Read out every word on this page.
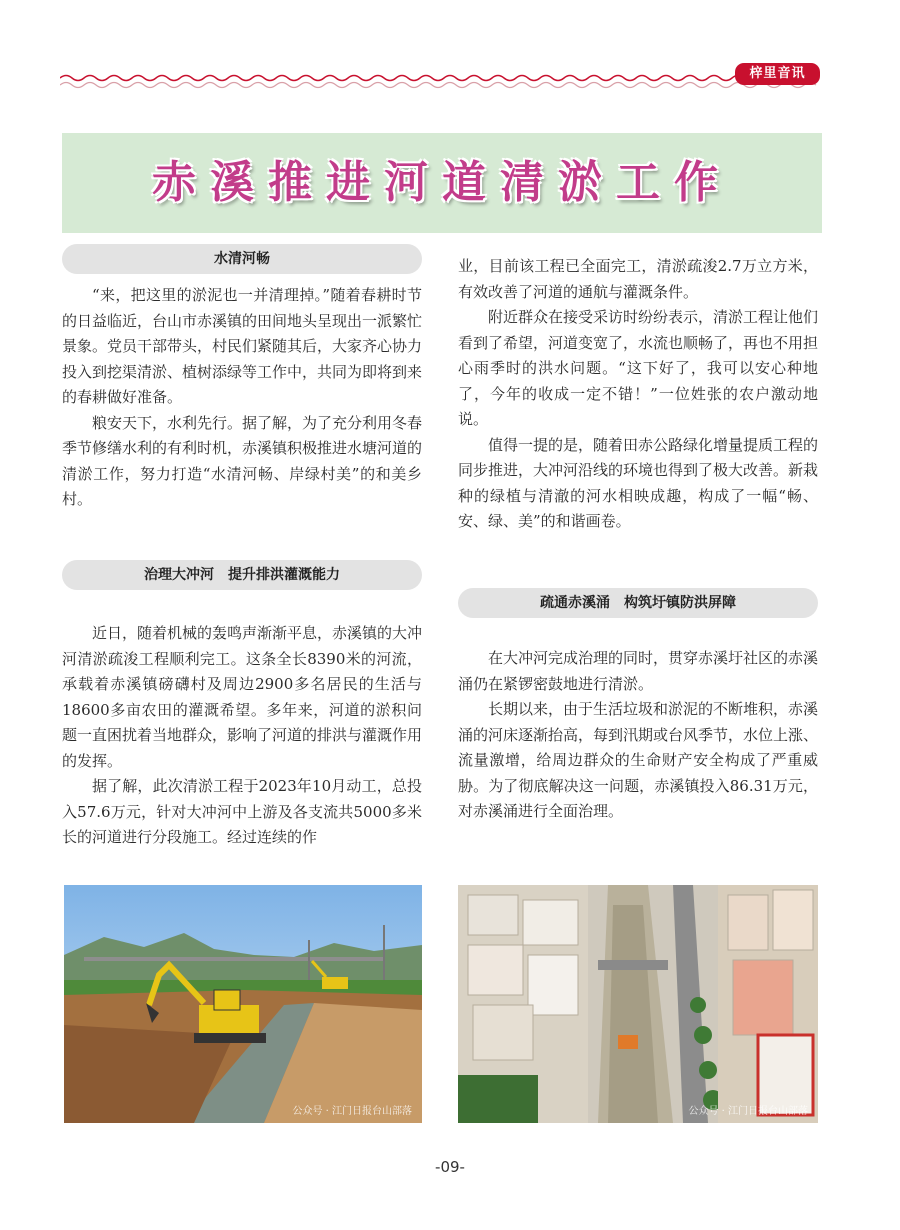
梓里音讯
赤溪推进河道清淤工作
水清河畅

“来，把这里的淤泥也一并清理掉。”随着春耕时节的日益临近，台山市赤溪镇的田间地头呈现出一派繁忙景象。党员干部带头，村民们紧随其后，大家齐心协力投入到挖渠清淤、植树添绿等工作中，共同为即将到来的春耕做好准备。

粮安天下，水利先行。据了解，为了充分利用冬春季节修缮水利的有利时机，赤溪镇积极推进水塘河道的清淤工作，努力打造“水清河畅、岸绿村美”的和美乡村。

治理大冲河　提升排洪灌溉能力

近日，随着机械的轰鸣声渐渐平息，赤溪镇的大冲河清淤疏浚工程顺利完工。这条全长8390米的河流，承载着赤溪镇磅礴村及周边2900多名居民的生活与18600多亩农田的灌溉希望。多年来，河道的淤积问题一直困扰着当地群众，影响了河道的排洪与灌溉作用的发挥。

据了解，此次清淤工程于2023年10月动工，总投入57.6万元，针对大冲河中上游及各支流共5000多米长的河道进行分段施工。经过连续的作

业，目前该工程已全面完工，清淤疏浚2.7万立方米，有效改善了河道的通航与灌溉条件。

附近群众在接受采访时纷纷表示，清淤工程让他们看到了希望，河道变宽了，水流也顺畅了，再也不用担心雨季时的洪水问题。“这下好了，我可以安心种地了，今年的收成一定不错！”一位姓张的农户激动地说。

值得一提的是，随着田赤公路绿化增量提质工程的同步推进，大冲河沿线的环境也得到了极大改善。新栽种的绿植与清澈的河水相映成趣，构成了一幅“畅、安、绿、美”的和谐画卷。

疏通赤溪涌　构筑圩镇防洪屏障

在大冲河完成治理的同时，贯穿赤溪圩社区的赤溪涌仍在紧锣密鼓地进行清淤。

长期以来，由于生活垃圾和淤泥的不断堆积，赤溪涌的河床逐渐抬高，每到汛期或台风季节，水位上涨、流量激增，给周边群众的生命财产安全构成了严重威胁。为了彻底解决这一问题，赤溪镇投入86.31万元，对赤溪涌进行全面治理。

公众号 · 江门日报台山部落	公众号 · 江门日报台山部落
-09-
